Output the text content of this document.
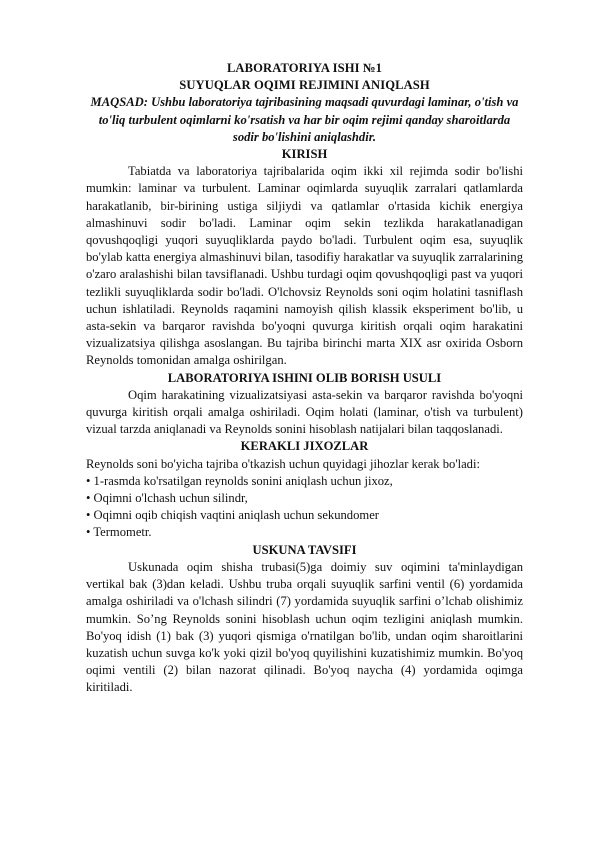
LABORATORIYA ISHI №1
SUYUQLAR OQIMI REJIMINI ANIQLASH
MAQSAD: Ushbu laboratoriya tajribasining maqsadi quvurdagi laminar, o'tish va to'liq turbulent oqimlarni ko'rsatish va har bir oqim rejimi qanday sharoitlarda sodir bo'lishini aniqlashdir.
KIRISH

Tabiatda va laboratoriya tajribalarida oqim ikki xil rejimda sodir bo'lishi mumkin: laminar va turbulent. Laminar oqimlarda suyuqlik zarralari qatlamlarda harakatlanib, bir-birining ustiga siljiydi va qatlamlar o'rtasida kichik energiya almashinuvi sodir bo'ladi. Laminar oqim sekin tezlikda harakatlanadigan qovushqoqligi yuqori suyuqliklarda paydo bo'ladi. Turbulent oqim esa, suyuqlik bo'ylab katta energiya almashinuvi bilan, tasodifiy harakatlar va suyuqlik zarralarining o'zaro aralashishi bilan tavsiflanadi. Ushbu turdagi oqim qovushqoqligi past va yuqori tezlikli suyuqliklarda sodir bo'ladi. O'lchovsiz Reynolds soni oqim holatini tasniflash uchun ishlatiladi. Reynolds raqamini namoyish qilish klassik eksperiment bo'lib, u asta-sekin va barqaror ravishda bo'yoqni quvurga kiritish orqali oqim harakatini vizualizatsiya qilishga asoslangan. Bu tajriba birinchi marta XIX asr oxirida Osborn Reynolds tomonidan amalga oshirilgan.

LABORATORIYA ISHINI OLIB BORISH USULI

Oqim harakatining vizualizatsiyasi asta-sekin va barqaror ravishda bo'yoqni quvurga kiritish orqali amalga oshiriladi. Oqim holati (laminar, o'tish va turbulent) vizual tarzda aniqlanadi va Reynolds sonini hisoblash natijalari bilan taqqoslanadi.

KERAKLI JIXOZLAR

Reynolds soni bo'yicha tajriba o'tkazish uchun quyidagi jihozlar kerak bo'ladi:

• 1-rasmda ko'rsatilgan reynolds sonini aniqlash uchun jixoz,
• Oqimni o'lchash uchun silindr,
• Oqimni oqib chiqish vaqtini aniqlash uchun sekundomer
• Termometr.
USKUNA TAVSIFI

Uskunada oqim shisha trubasi(5)ga doimiy suv oqimini ta'minlaydigan vertikal bak (3)dan keladi. Ushbu truba orqali suyuqlik sarfini ventil (6) yordamida amalga oshiriladi va o'lchash silindri (7) yordamida suyuqlik sarfini o’lchab olishimiz mumkin. So’ng Reynolds sonini hisoblash uchun oqim tezligini aniqlash mumkin. Bo'yoq idish (1) bak (3) yuqori qismiga o'rnatilgan bo'lib, undan oqim sharoitlarini kuzatish uchun suvga ko'k yoki qizil bo'yoq quyilishini kuzatishimiz mumkin. Bo'yoq oqimi ventili (2) bilan nazorat qilinadi. Bo'yoq naycha (4) yordamida oqimga kiritiladi.
